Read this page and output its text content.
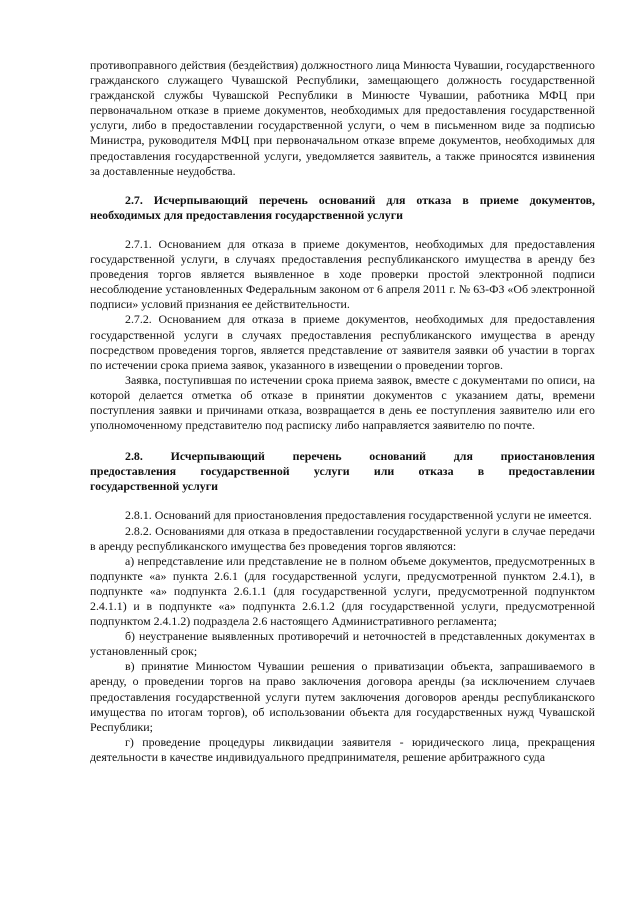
противоправного действия (бездействия) должностного лица Минюста Чувашии, государственного гражданского служащего Чувашской Республики, замещающего должность государственной гражданской службы Чувашской Республики в Минюсте Чувашии, работника МФЦ при первоначальном отказе в приеме документов, необходимых для предоставления государственной услуги, либо в предоставлении государственной услуги, о чем в письменном виде за подписью Министра, руководителя МФЦ при первоначальном отказе впреме документов, необходимых для предоставления государственной услуги, уведомляется заявитель, а также приносятся извинения за доставленные неудобства.

2.7. Исчерпывающий перечень оснований для отказа в приеме документов, необходимых для предоставления государственной услуги

2.7.1. Основанием для отказа в приеме документов, необходимых для предоставления государственной услуги, в случаях предоставления республиканского имущества в аренду без проведения торгов является выявленное в ходе проверки простой электронной подписи несоблюдение установленных Федеральным законом от 6 апреля 2011 г. № 63-ФЗ «Об электронной подписи» условий признания ее действительности.

2.7.2. Основанием для отказа в приеме документов, необходимых для предоставления государственной услуги в случаях предоставления республиканского имущества в аренду посредством проведения торгов, является представление от заявителя заявки об участии в торгах по истечении срока приема заявок, указанного в извещении о проведении торгов.

Заявка, поступившая по истечении срока приема заявок, вместе с документами по описи, на которой делается отметка об отказе в принятии документов с указанием даты, времени поступления заявки и причинами отказа, возвращается в день ее поступления заявителю или его уполномоченному представителю под расписку либо направляется заявителю по почте.

2.8. Исчерпывающий перечень оснований для приостановления

предоставления государственной услуги или отказа в предоставлении

государственной услуги

2.8.1. Оснований для приостановления предоставления государственной услуги не имеется.

2.8.2. Основаниями для отказа в предоставлении государственной услуги в случае передачи в аренду республиканского имущества без проведения торгов являются:

а) непредставление или представление не в полном объеме документов, предусмотренных в подпункте «а» пункта 2.6.1 (для государственной услуги, предусмотренной пунктом 2.4.1), в подпункте «а» подпункта 2.6.1.1 (для государственной услуги, предусмотренной подпунктом 2.4.1.1) и в подпункте «а» подпункта 2.6.1.2 (для государственной услуги, предусмотренной подпунктом 2.4.1.2) подраздела 2.6 настоящего Административного регламента;

б) неустранение выявленных противоречий и неточностей в представленных документах в установленный срок;

в) принятие Минюстом Чувашии решения о приватизации объекта, запрашиваемого в аренду, о проведении торгов на право заключения договора аренды (за исключением случаев предоставления государственной услуги путем заключения договоров аренды республиканского имущества по итогам торгов), об использовании объекта для государственных нужд Чувашской Республики;

г) проведение процедуры ликвидации заявителя - юридического лица, прекращения деятельности в качестве индивидуального предпринимателя, решение арбитражного суда
